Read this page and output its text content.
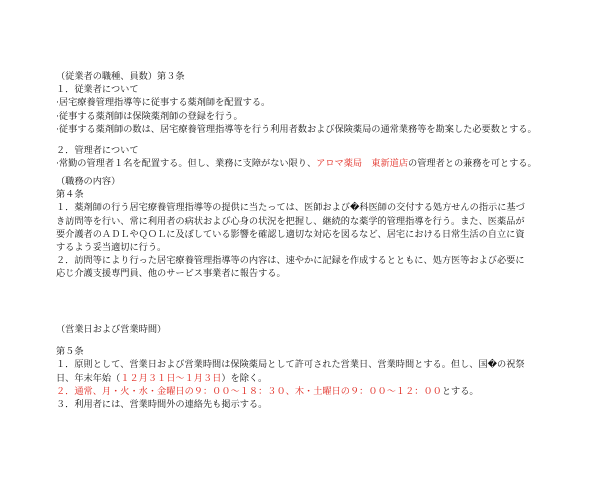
（従業者の職種、員数）第３条
１．従業者について
·居宅療養管理指導等に従事する薬剤師を配置する。
·従事する薬剤師は保険薬剤師の登録を行う。
·従事する薬剤師の数は、居宅療養管理指導等を行う利用者数および保険薬局の通常業務等を勘案した必要数とする。
２．管理者について
·常勤の管理者１名を配置する。但し、業務に支障がない限り、アロマ薬局　東新道店の管理者との兼務を可とする。
（職務の内容）
第４条
１．薬剤師の行う居宅療養管理指導等の提供に当たっては、医師および�科医師の交付する処方せんの指示に基づ
き訪問等を行い、常に利用者の病状および心身の状況を把握し、継続的な薬学的管理指導を行う。また、医薬品が
要介護者のＡＤＬやＱＯＬに及ぼしている影響を確認し適切な対応を図るなど、居宅における日常生活の自立に資
するよう妥当適切に行う。
２．訪問等により行った居宅療養管理指導等の内容は、速やかに記録を作成するとともに、処方医等および必要に
応じ介護支援専門員、他のサービス事業者に報告する。
（営業日および営業時間）
第５条
１．原則として、営業日および営業時間は保険薬局として許可された営業日、営業時間とする。但し、国�の祝祭
日、年末年始（１２月３１日〜１月３日）を除く。
２．通常、月・火・水・金曜日の９：００〜１８：３０、木・土曜日の９：００〜１２：００とする。
３．利用者には、営業時間外の連絡先も掲示する。
